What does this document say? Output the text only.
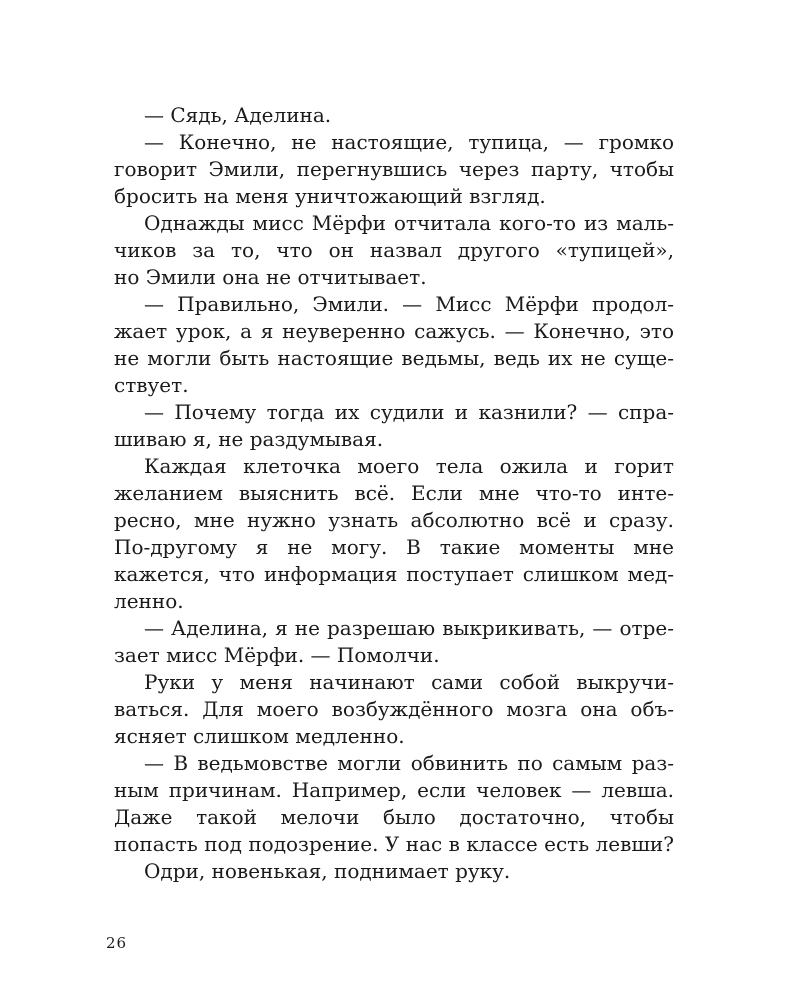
— Сядь, Аделина.
— Конечно, не настоящие, тупица, — громко
говорит Эмили, перегнувшись через парту, чтобы
бросить на меня уничтожающий взгляд.
Однажды мисс Мёрфи отчитала кого-то из маль-
чиков за то, что он назвал другого «тупицей»,
но Эмили она не отчитывает.
— Правильно, Эмили. — Мисс Мёрфи продол-
жает урок, а я неуверенно сажусь. — Конечно, это
не могли быть настоящие ведьмы, ведь их не суще-
ствует.
— Почему тогда их судили и казнили? — спра-
шиваю я, не раздумывая.
Каждая клеточка моего тела ожила и горит
желанием выяснить всё. Если мне что-то инте-
ресно, мне нужно узнать абсолютно всё и сразу.
По-другому я не могу. В такие моменты мне
кажется, что информация поступает слишком мед-
ленно.
— Аделина, я не разрешаю выкрикивать, — отре-
зает мисс Мёрфи. — Помолчи.
Руки у меня начинают сами собой выкручи-
ваться. Для моего возбуждённого мозга она объ-
ясняет слишком медленно.
— В ведьмовстве могли обвинить по самым раз-
ным причинам. Например, если человек — левша.
Даже такой мелочи было достаточно, чтобы
попасть под подозрение. У нас в классе есть левши?
Одри, новенькая, поднимает руку.
26
